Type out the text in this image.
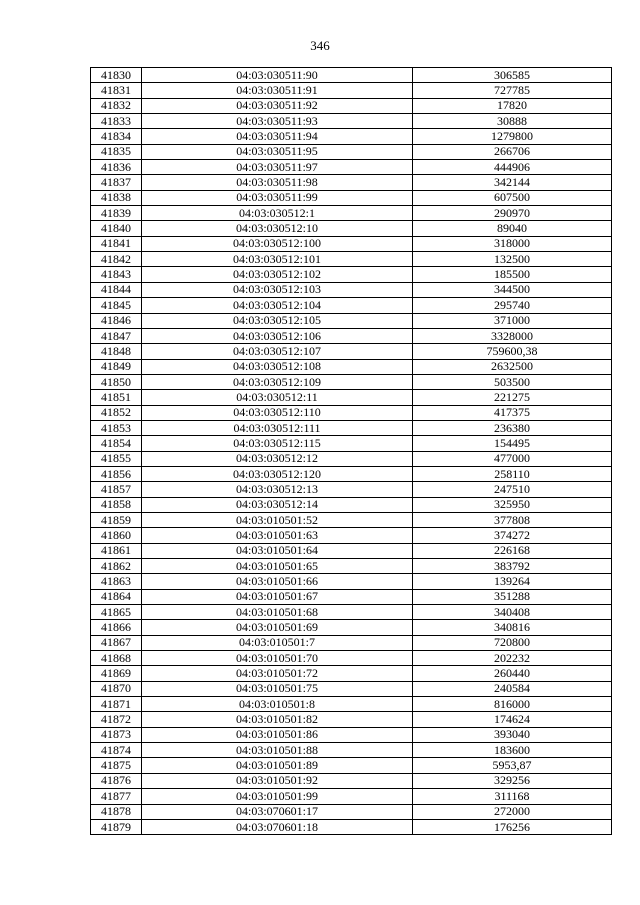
346
41830	04:03:030511:90	306585
41831	04:03:030511:91	727785
41832	04:03:030511:92	17820
41833	04:03:030511:93	30888
41834	04:03:030511:94	1279800
41835	04:03:030511:95	266706
41836	04:03:030511:97	444906
41837	04:03:030511:98	342144
41838	04:03:030511:99	607500
41839	04:03:030512:1	290970
41840	04:03:030512:10	89040
41841	04:03:030512:100	318000
41842	04:03:030512:101	132500
41843	04:03:030512:102	185500
41844	04:03:030512:103	344500
41845	04:03:030512:104	295740
41846	04:03:030512:105	371000
41847	04:03:030512:106	3328000
41848	04:03:030512:107	759600,38
41849	04:03:030512:108	2632500
41850	04:03:030512:109	503500
41851	04:03:030512:11	221275
41852	04:03:030512:110	417375
41853	04:03:030512:111	236380
41854	04:03:030512:115	154495
41855	04:03:030512:12	477000
41856	04:03:030512:120	258110
41857	04:03:030512:13	247510
41858	04:03:030512:14	325950
41859	04:03:010501:52	377808
41860	04:03:010501:63	374272
41861	04:03:010501:64	226168
41862	04:03:010501:65	383792
41863	04:03:010501:66	139264
41864	04:03:010501:67	351288
41865	04:03:010501:68	340408
41866	04:03:010501:69	340816
41867	04:03:010501:7	720800
41868	04:03:010501:70	202232
41869	04:03:010501:72	260440
41870	04:03:010501:75	240584
41871	04:03:010501:8	816000
41872	04:03:010501:82	174624
41873	04:03:010501:86	393040
41874	04:03:010501:88	183600
41875	04:03:010501:89	5953,87
41876	04:03:010501:92	329256
41877	04:03:010501:99	311168
41878	04:03:070601:17	272000
41879	04:03:070601:18	176256
